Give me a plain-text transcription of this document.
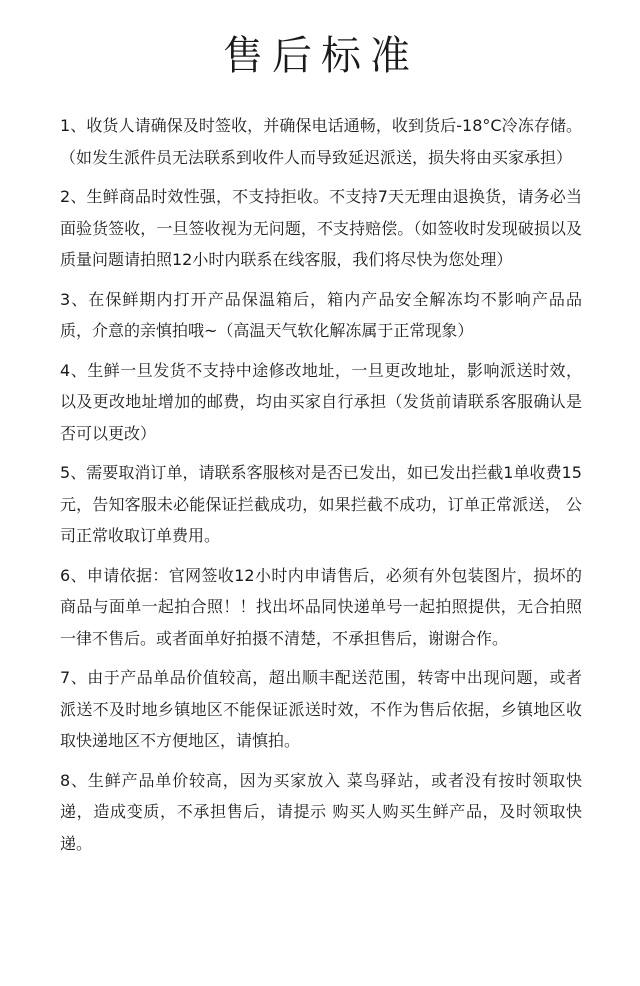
售后标准
1、收货人请确保及时签收，并确保电话通畅，收到货后-18°C冷冻存储。 （如发生派件员无法联系到收件人而导致延迟派送，损失将由买家承担）
2、生鲜商品时效性强，不支持拒收。不支持7天无理由退换货，请务必当面验货签收，一旦签收视为无问题，不支持赔偿。（如签收时发现破损以及质量问题请拍照12小时内联系在线客服，我们将尽快为您处理）
3、在保鲜期内打开产品保温箱后，箱内产品安全解冻均不影响产品品质，介意的亲慎拍哦~（高温天气软化解冻属于正常现象）
4、生鲜一旦发货不支持中途修改地址，一旦更改地址，影响派送时效，以及更改地址增加的邮费，均由买家自行承担（发货前请联系客服确认是否可以更改）
5、需要取消订单，请联系客服核对是否已发出，如已发出拦截1单收费15元，告知客服未必能保证拦截成功，如果拦截不成功，订单正常派送， 公司正常收取订单费用。
6、申请依据：官网签收12小时内申请售后，必须有外包装图片，损坏的商品与面单一起拍合照！！找出坏品同快递单号一起拍照提供，无合拍照一律不售后。或者面单好拍摄不清楚，不承担售后，谢谢合作。
7、由于产品单品价值较高，超出顺丰配送范围，转寄中出现问题，或者派送不及时地乡镇地区不能保证派送时效，不作为售后依据，乡镇地区收取快递地区不方便地区，请慎拍。
8、生鲜产品单价较高，因为买家放入 菜鸟驿站，或者没有按时领取快递，造成变质，不承担售后，请提示 购买人购买生鲜产品，及时领取快递。
